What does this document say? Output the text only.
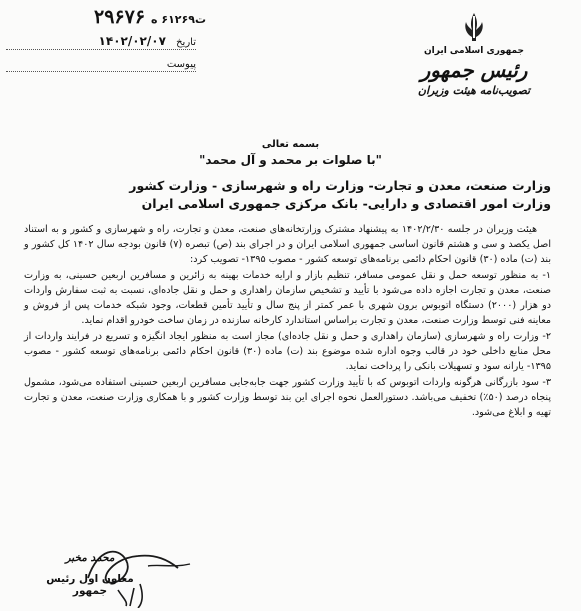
ت۶۱۲۶۹ ه
۲۹۶۷۶
تاریخ ۱۴۰۲/۰۲/۰۷
پیوست

جمهوری اسلامی ایران

رئیس جمهور

تصویب‌نامه هیئت وزیران

بسمه تعالی
"با صلوات بر محمد و آل محمد"
وزارت صنعت، معدن و تجارت- وزارت راه و شهرسازی - وزارت کشور
وزارت امور اقتصادی و دارایی- بانک مرکزی جمهوری اسلامی ایران

هیئت وزیران در جلسه ۱۴۰۲/۲/۳۰ به پیشنهاد مشترک وزارتخانه‌های صنعت، معدن و تجارت، راه و شهرسازی و کشور و به استناد اصل یکصد و سی و هشتم قانون اساسی جمهوری اسلامی ایران و در اجرای بند (ص) تبصره (۷) قانون بودجه سال ۱۴۰۲ کل کشور و بند (ت) ماده (۳۰) قانون احکام دائمی برنامه‌های توسعه کشور - مصوب ۱۳۹۵- تصویب کرد:

۱- به منظور توسعه حمل و نقل عمومی مسافر، تنظیم بازار و ارایه خدمات بهینه به زائرین و مسافرین اربعین حسینی، به وزارت صنعت، معدن و تجارت اجازه داده می‌شود با تأیید و تشخیص سازمان راهداری و حمل و نقل جاده‌ای، نسبت به ثبت سفارش واردات دو هزار (۲۰۰۰) دستگاه اتوبوس برون شهری با عمر کمتر از پنج سال و تأیید تأمین قطعات، وجود شبکه خدمات پس از فروش و معاینه فنی توسط وزارت صنعت، معدن و تجارت براساس استاندارد کارخانه سازنده در زمان ساخت خودرو اقدام نماید.

۲- وزارت راه و شهرسازی (سازمان راهداری و حمل و نقل جاده‌ای) مجاز است به منظور ایجاد انگیزه و تسریع در فرایند واردات از محل منابع داخلی خود در قالب وجوه اداره شده موضوع بند (ت) ماده (۳۰) قانون احکام دائمی برنامه‌های توسعه کشور - مصوب ۱۳۹۵- یارانه سود و تسهیلات بانکی را پرداخت نماید.

۳- سود بازرگانی هرگونه واردات اتوبوس که با تأیید وزارت کشور جهت جابه‌جایی مسافرین اربعین حسینی استفاده می‌شود، مشمول پنجاه درصد (۵۰٪) تخفیف می‌باشد. دستورالعمل نحوه اجرای این بند توسط وزارت کشور و با همکاری وزارت صنعت، معدن و تجارت تهیه و ابلاغ می‌شود.

محمد مخبر
معاون اول رئیس جمهور
